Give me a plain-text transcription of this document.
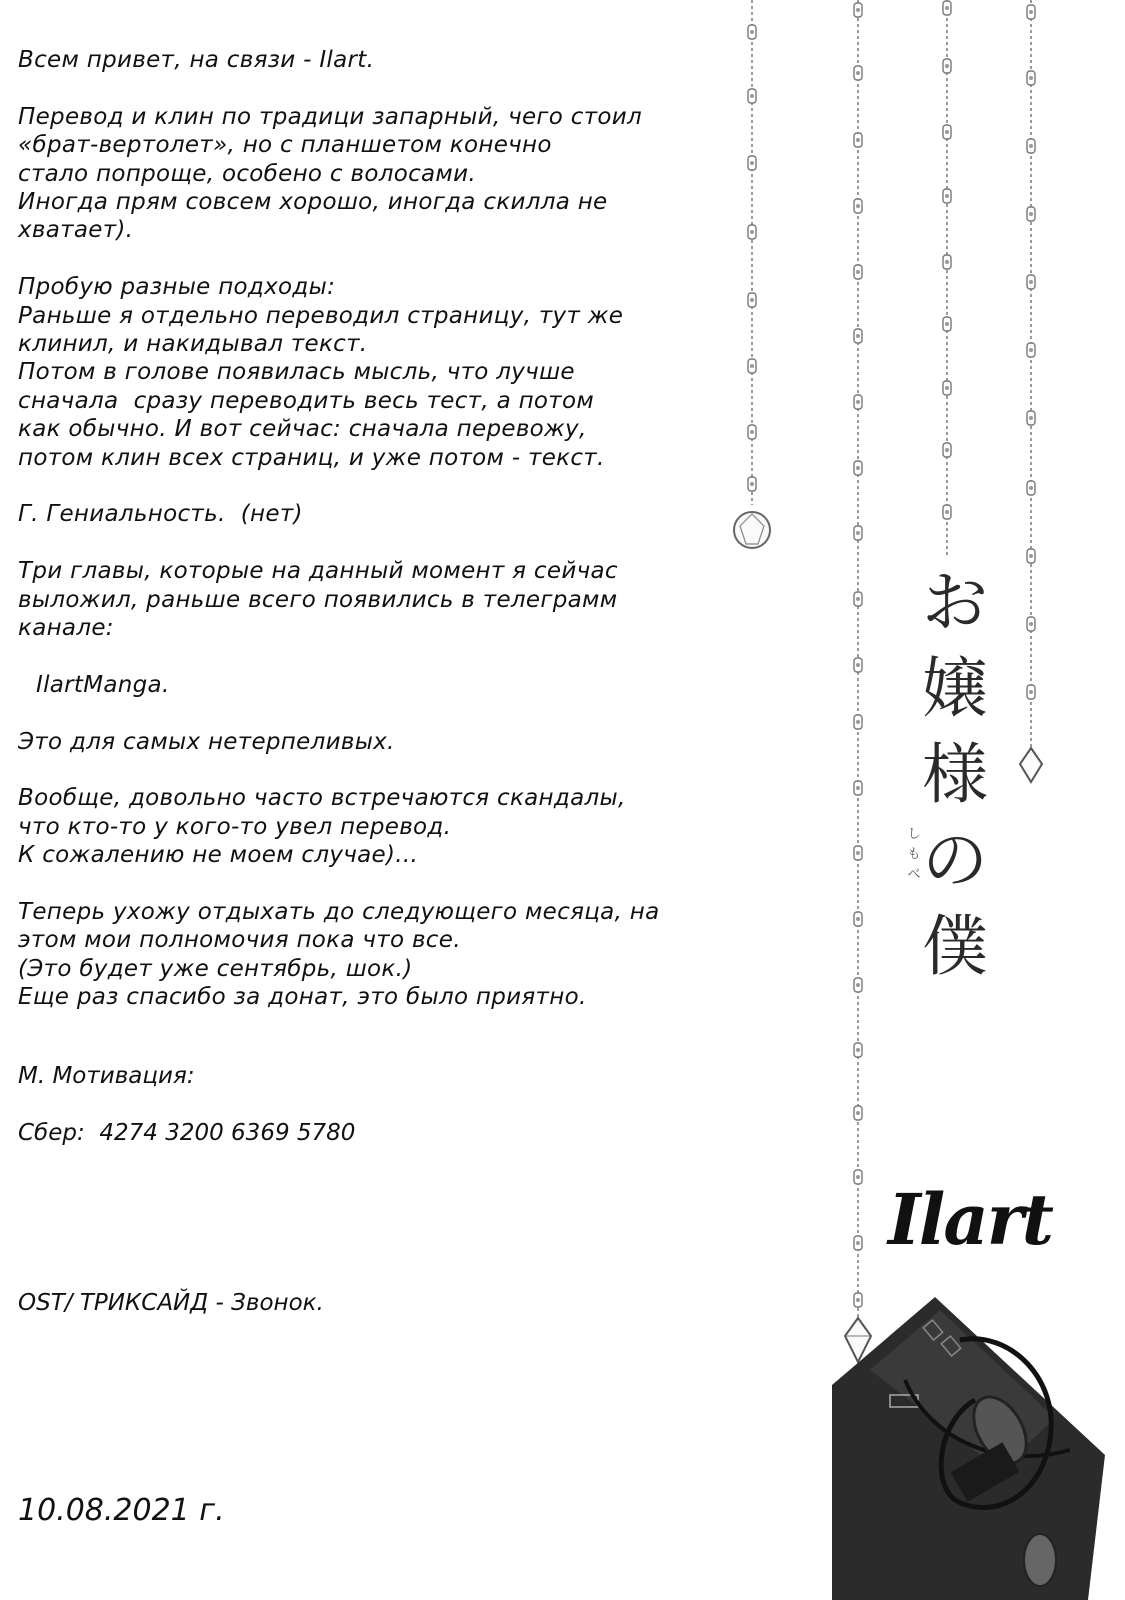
お
嬢
様
の
僕
し
も
べ
Ilart
Всем привет, на связи - Ilart.
Перевод и клин по традици запарный, чего стоил
«брат-вертолет», но с планшетом конечно
стало попроще, особено с волосами.
Иногда прям совсем хорошо, иногда скилла не
хватает).
Пробую разные подходы:
Раньше я отдельно переводил страницу, тут же
клинил, и накидывал текст.
Потом в голове появилась мысль, что лучше
сначала  сразу переводить весь тест, а потом
как обычно. И вот сейчас: сначала перевожу,
потом клин всех страниц, и уже потом - текст.
Г. Гениальность.  (нет)
Три главы, которые на данный момент я сейчас
выложил, раньше всего появились в телеграмм
канале:
IlartManga.
Это для самых нетерпеливых.
Вообще, довольно часто встречаются скандалы,
что кто-то у кого-то увел перевод.
К сожалению не моем случае)...
Теперь ухожу отдыхать до следующего месяца, на
этом мои полномочия пока что все.
(Это будет уже сентябрь, шок.)
Еще раз спасибо за донат, это было приятно.

М. Мотивация:

Сбер:  4274 3200 6369 5780

OST/ ТРИКСАЙД - Звонок.

10.08.2021 г.
